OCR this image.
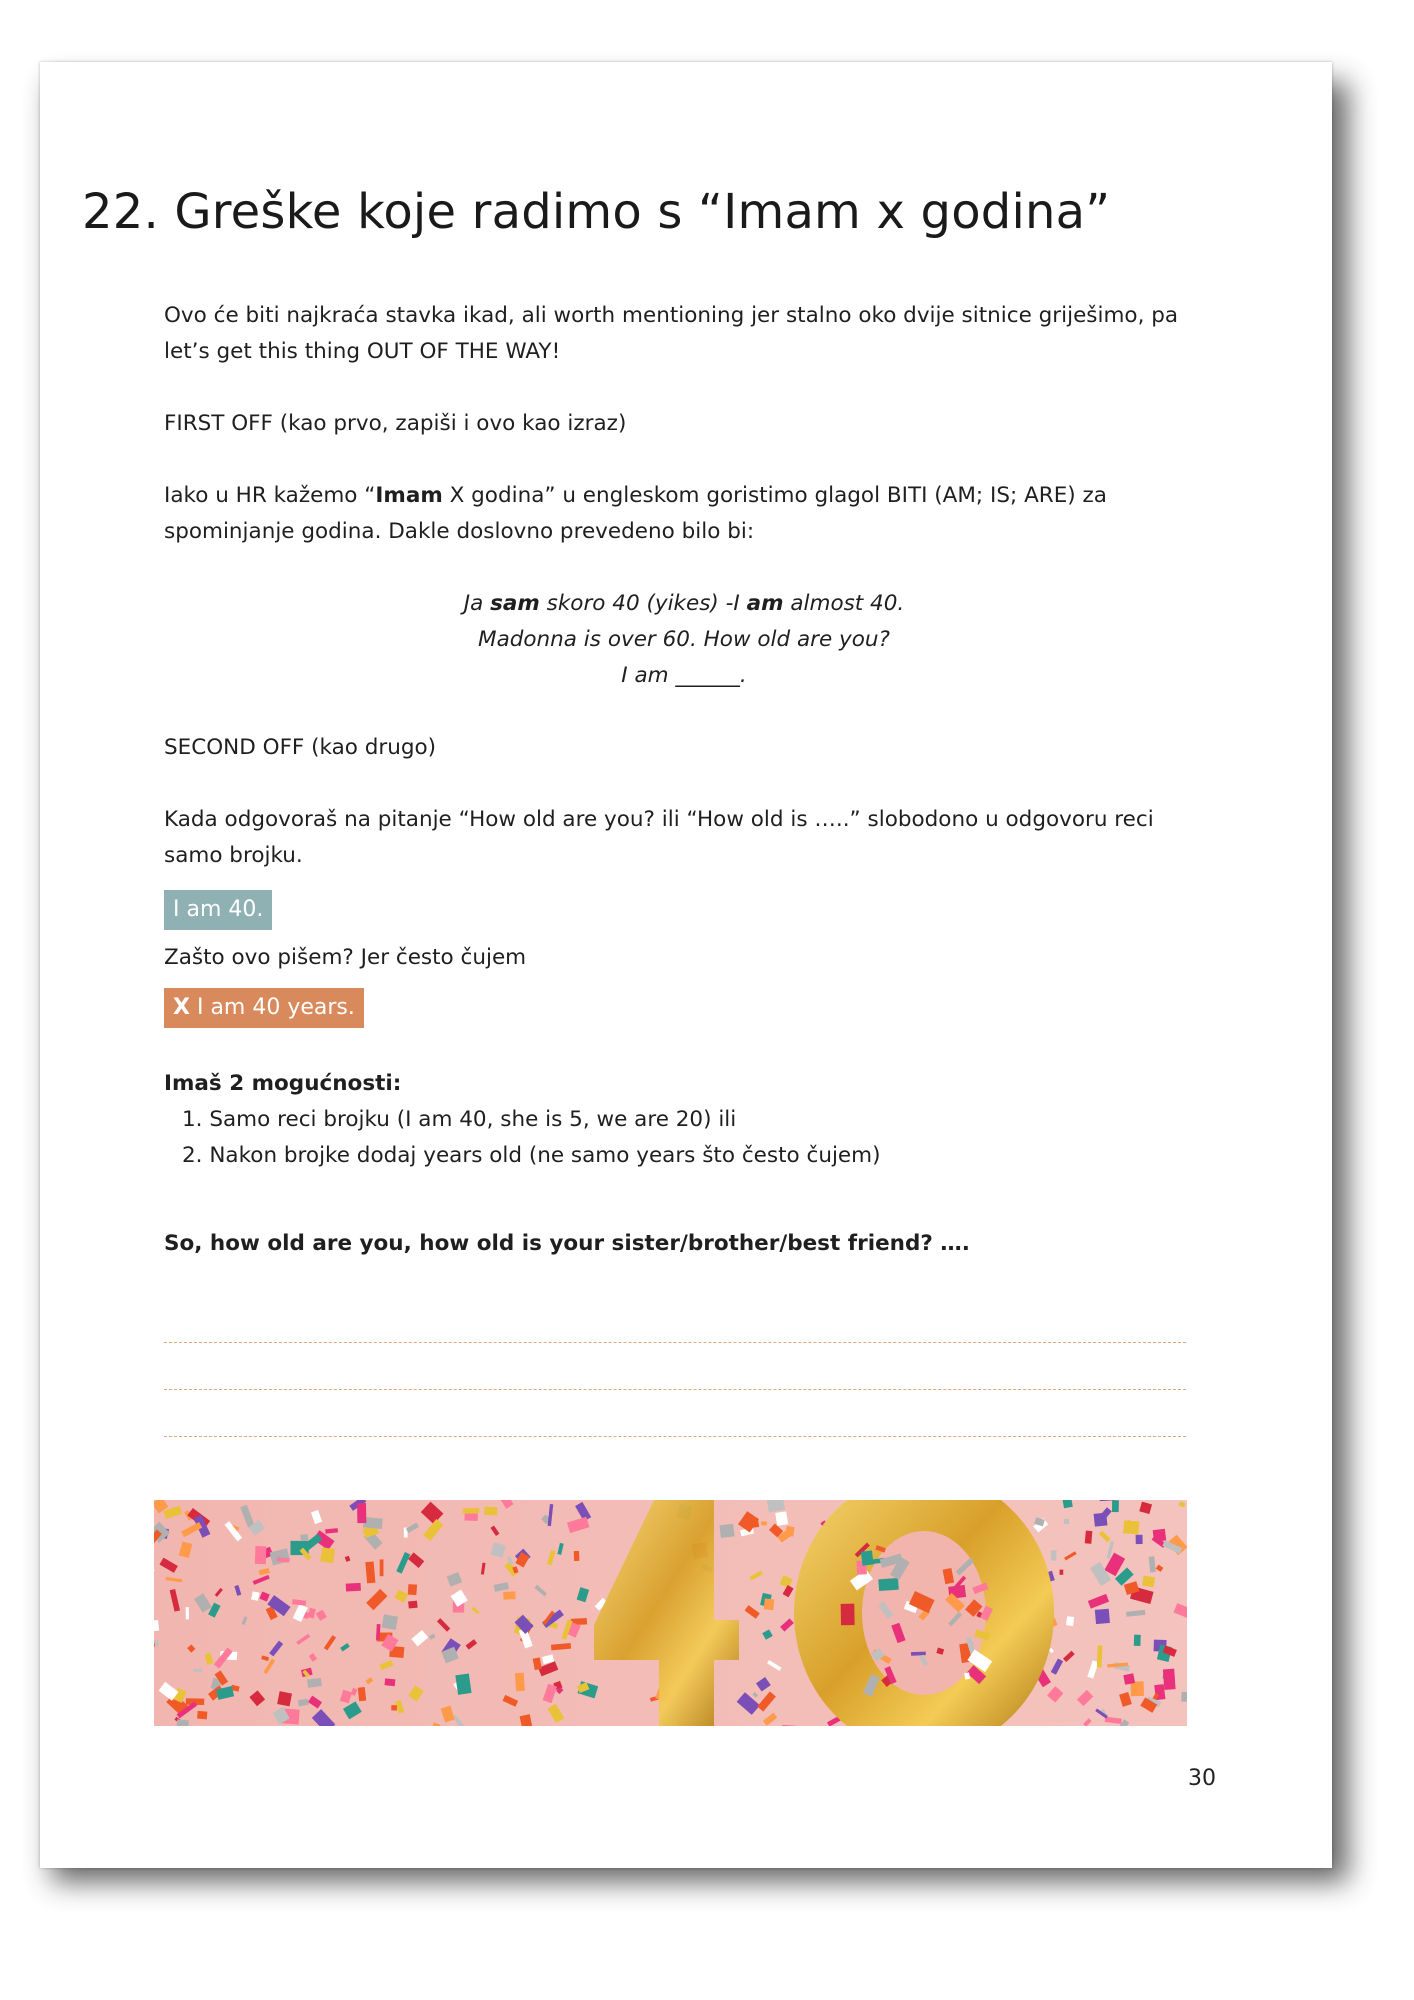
22. Greške koje radimo s “Imam x godina”

Ovo će biti najkraća stavka ikad, ali worth mentioning jer stalno oko dvije sitnice griješimo, pa let’s get this thing OUT OF THE WAY!

FIRST OFF (kao prvo, zapiši i ovo kao izraz)

Iako u HR kažemo “Imam X godina” u engleskom goristimo glagol BITI (AM; IS; ARE) za spominjanje godina. Dakle doslovno prevedeno bilo bi:

Ja sam skoro 40 (yikes) -I am almost 40.

Madonna is over 60. How old are you?

I am ______.

SECOND OFF (kao drugo)

Kada odgovoraš na pitanje “How old are you? ili “How old is …..” slobodono u odgovoru reci samo brojku.

I am 40.

Zašto ovo pišem? Jer često čujem

X I am 40 years.

Imaš 2 mogućnosti:

1. Samo reci brojku (I am 40, she is 5, we are 20) ili
2. Nakon brojke dodaj years old (ne samo years što često čujem)

So, how old are you, how old is your sister/brother/best friend? ….

30
